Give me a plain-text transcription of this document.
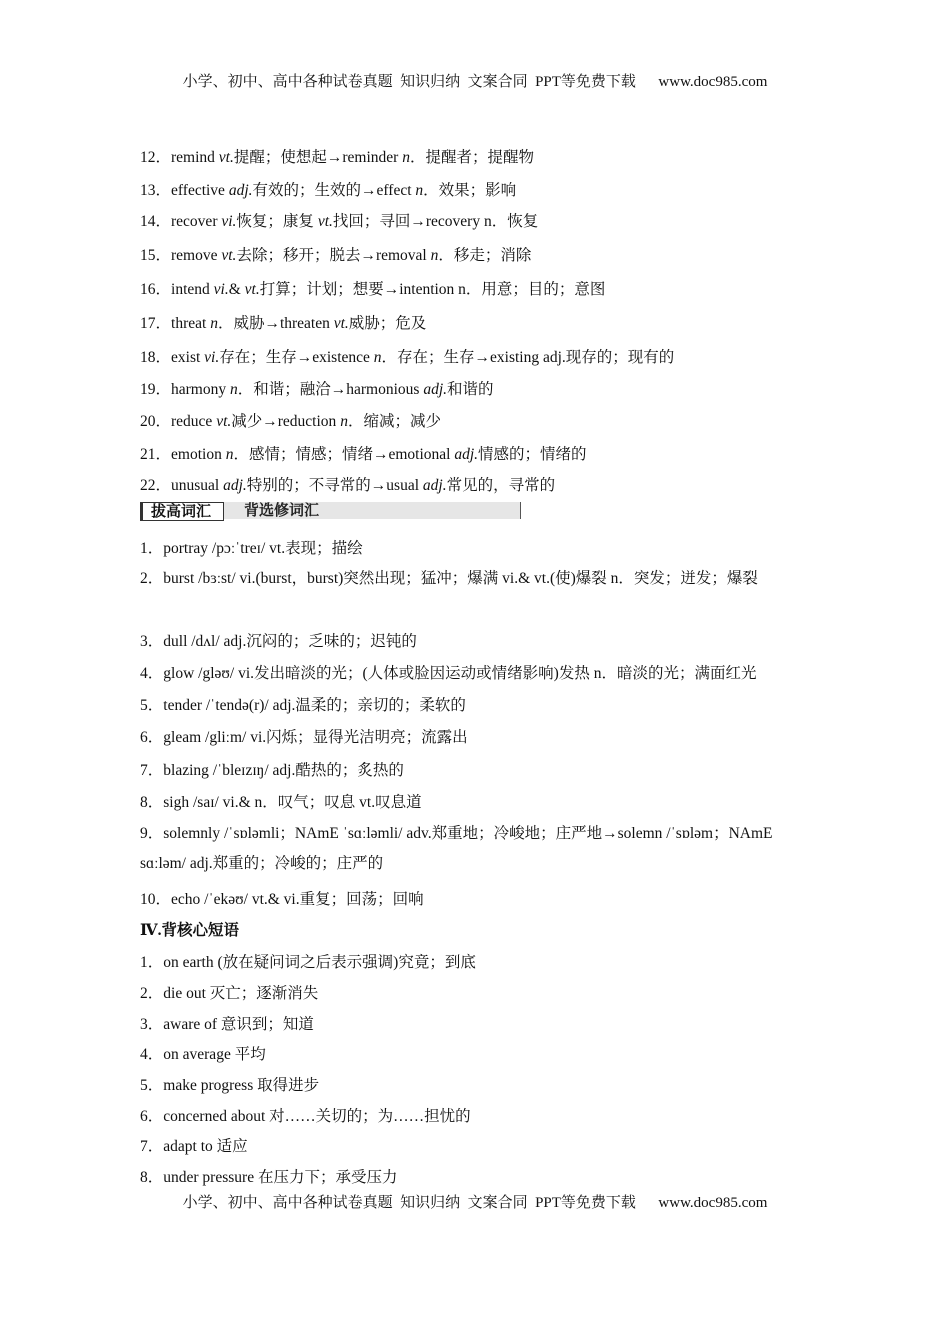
小学、初中、高中各种试卷真题  知识归纳  文案合同  PPT等免费下载      www.doc985.com
12．remind vt.提醒；使想起→reminder n．提醒者；提醒物
13．effective adj.有效的；生效的→effect n．效果；影响
14．recover vi.恢复；康复 vt.找回；寻回→recovery n．恢复
15．remove vt.去除；移开；脱去→removal n．移走；消除
16．intend vi.& vt.打算；计划；想要→intention n．用意；目的；意图
17．threat n．威胁→threaten vt.威胁；危及
18．exist vi.存在；生存→existence n．存在；生存→existing adj.现存的；现有的
19．harmony n．和谐；融洽→harmonious adj.和谐的
20．reduce vt.减少→reduction n．缩减；减少
21．emotion n．感情；情感；情绪→emotional adj.情感的；情绪的
22．unusual adj.特别的；不寻常的→usual adj.常见的，寻常的
拔高词汇	背选修词汇
1．portray /pɔːˈtreɪ/ vt.表现；描绘
2．burst /bɜːst/ vi.(burst，burst)突然出现；猛冲；爆满 vi.& vt.(使)爆裂 n．突发；迸发；爆裂
3．dull /dʌl/ adj.沉闷的；乏味的；迟钝的
4．glow /gləʊ/ vi.发出暗淡的光；(人体或脸因运动或情绪影响)发热 n．暗淡的光；满面红光
5．tender /ˈtendə(r)/ adj.温柔的；亲切的；柔软的
6．gleam /gliːm/ vi.闪烁；显得光洁明亮；流露出
7．blazing /ˈbleɪzɪŋ/ adj.酷热的；炙热的
8．sigh /saɪ/ vi.& n．叹气；叹息 vt.叹息道
9．solemnly /ˈsɒləmli；NAmE ˈsɑːləmli/ adv.郑重地；冷峻地；庄严地→solemn /ˈsɒləm；NAmE sɑːləm/ adj.郑重的；冷峻的；庄严的
10．echo /ˈekəʊ/ vt.& vi.重复；回荡；回响
Ⅳ.背核心短语
1．on earth (放在疑问词之后表示强调)究竟；到底
2．die out 灭亡；逐渐消失
3．aware of 意识到；知道
4．on average 平均
5．make progress 取得进步
6．concerned about 对……关切的；为……担忧的
7．adapt to 适应
8．under pressure 在压力下；承受压力
小学、初中、高中各种试卷真题  知识归纳  文案合同  PPT等免费下载      www.doc985.com
